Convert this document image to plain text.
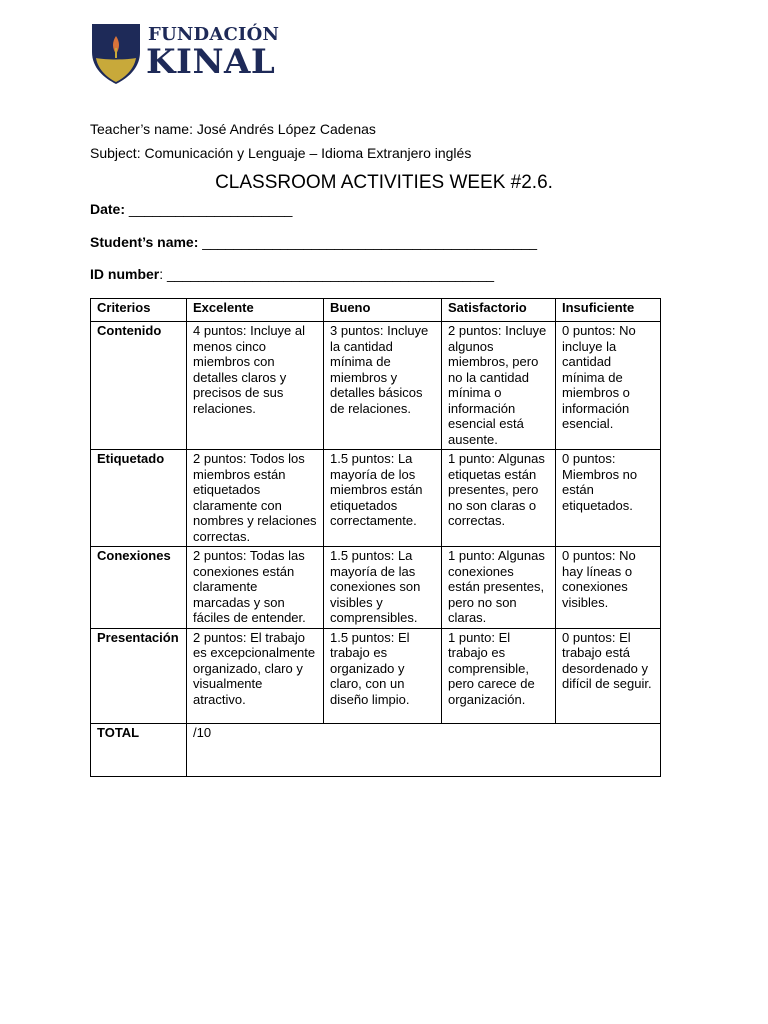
FUNDACIÓN
KINAL
Teacher’s name: José Andrés López Cadenas
Subject: Comunicación y Lenguaje – Idioma Extranjero inglés
CLASSROOM ACTIVITIES WEEK #2.6.
Date: _____________________
Student’s name: ___________________________________________
ID number: __________________________________________
Criterios	Excelente	Bueno	Satisfactorio	Insuficiente
Contenido	4 puntos: Incluye al menos cinco miembros con detalles claros y precisos de sus relaciones.	3 puntos: Incluye la cantidad mínima de miembros y detalles básicos de relaciones.	2 puntos: Incluye algunos miembros, pero no la cantidad mínima o información esencial está ausente.	0 puntos: No incluye la cantidad mínima de miembros o información esencial.
Etiquetado	2 puntos: Todos los miembros están etiquetados claramente con nombres y relaciones correctas.	1.5 puntos: La mayoría de los miembros están etiquetados correctamente.	1 punto: Algunas etiquetas están presentes, pero no son claras o correctas.	0 puntos: Miembros no están etiquetados.
Conexiones	2 puntos: Todas las conexiones están claramente marcadas y son fáciles de entender.	1.5 puntos: La mayoría de las conexiones son visibles y comprensibles.	1 punto: Algunas conexiones están presentes, pero no son claras.	0 puntos: No hay líneas o conexiones visibles.
Presentación	2 puntos: El trabajo es excepcionalmente organizado, claro y visualmente atractivo.	1.5 puntos: El trabajo es organizado y claro, con un diseño limpio.	1 punto: El trabajo es comprensible, pero carece de organización.	0 puntos: El trabajo está desordenado y difícil de seguir.
TOTAL	/10			
